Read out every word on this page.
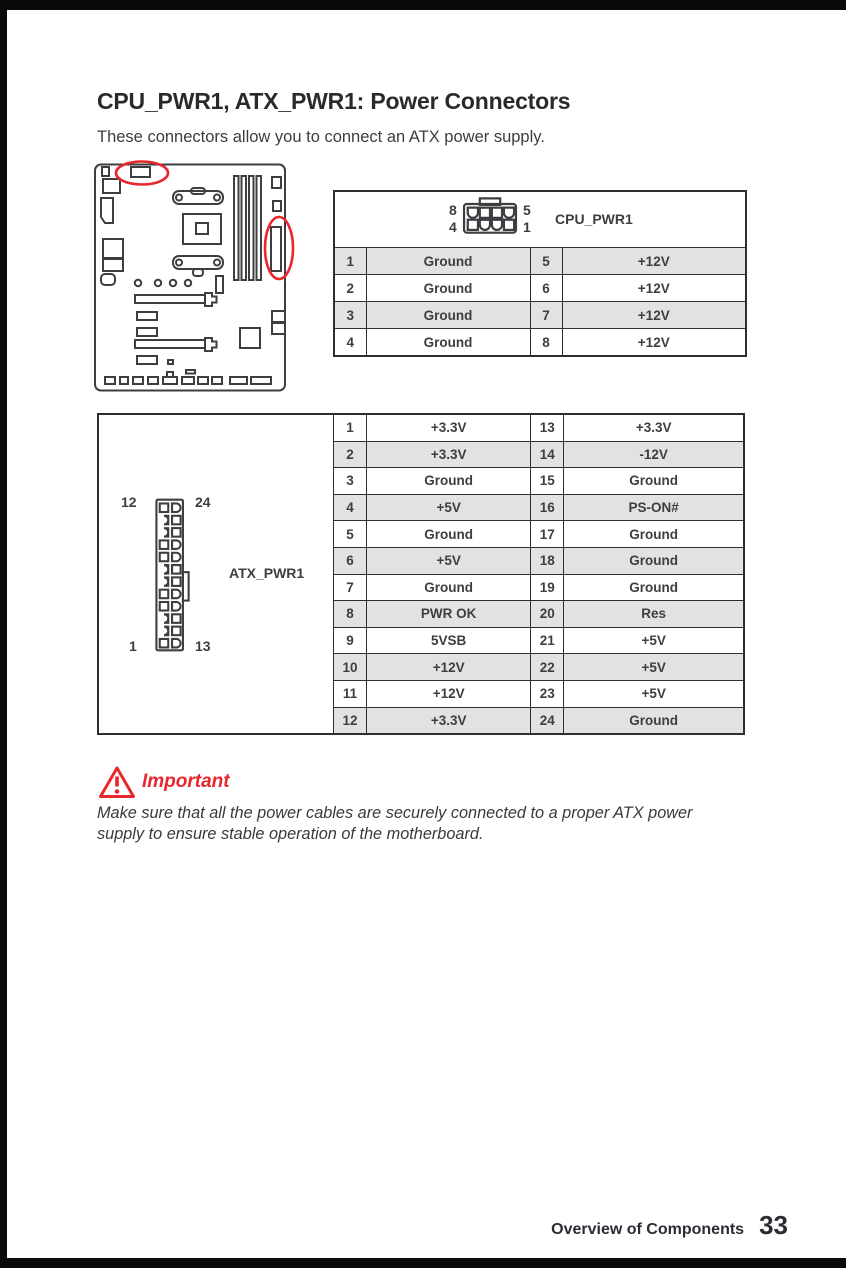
CPU_PWR1, ATX_PWR1: Power Connectors
These connectors allow you to connect an ATX power supply.
8
4
5
1 CPU_PWR1			

1	Ground	5	+12V
2	Ground	6	+12V
3	Ground	7	+12V
4	Ground	8	+12V
12 24
1 13
ATX_PWR1	1	+3.3V	13	+3.3V
	2	+3.3V	14	-12V
	3	Ground	15	Ground
	4	+5V	16	PS-ON#
	5	Ground	17	Ground
	6	+5V	18	Ground
	7	Ground	19	Ground
	8	PWR OK	20	Res
	9	5VSB	21	+5V
	10	+12V	22	+5V
	11	+12V	23	+5V
	12	+3.3V	24	Ground
Important
Make sure that all the power cables are securely connected to a proper ATX power supply to ensure stable operation of the motherboard.
Overview of Components 33
